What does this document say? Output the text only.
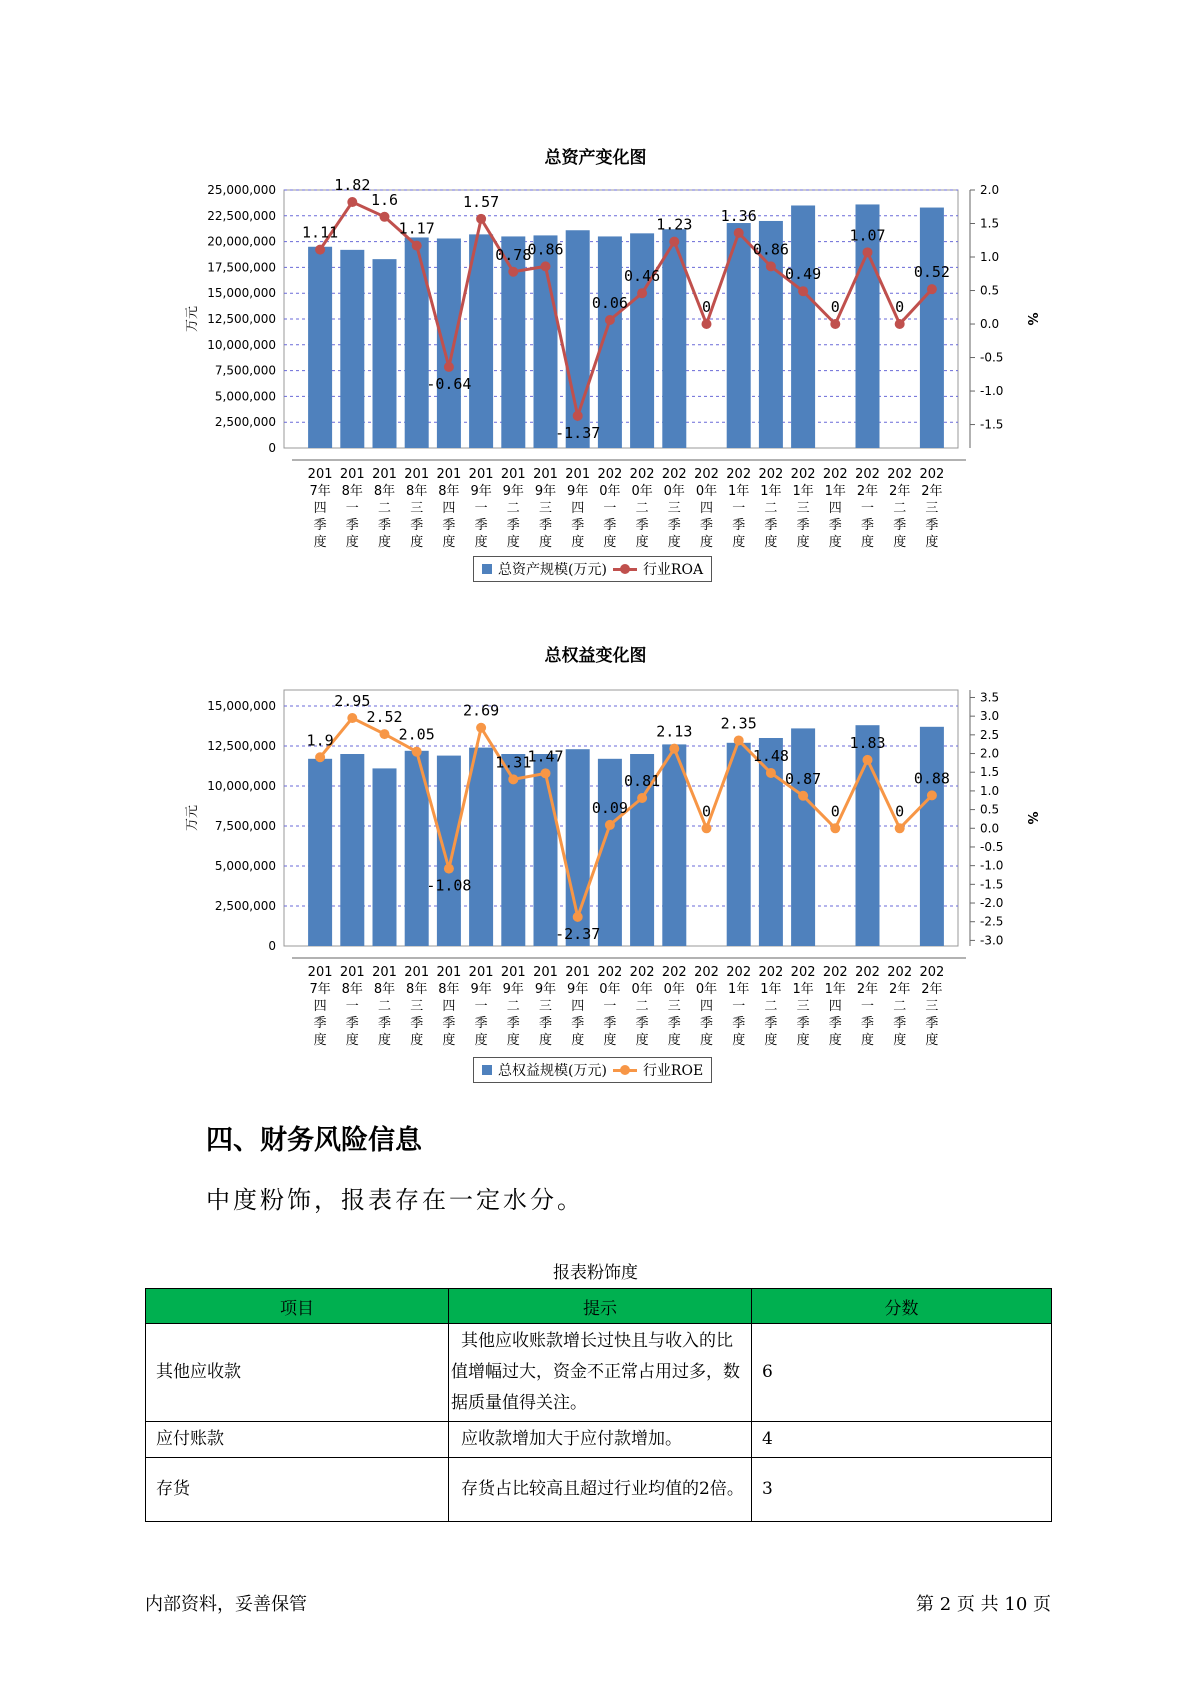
总资产变化图
0
2,500,000
5,000,000
7,500,000
10,000,000
12,500,000
15,000,000
17,500,000
20,000,000
22,500,000
25,000,000
万元
-1.5
-1.0
-0.5
0.0
0.5
1.0
1.5
2.0
%
201 7年四季度
201 8年一季度
201 8年二季度
201 8年三季度
201 8年四季度
201 9年一季度
201 9年二季度
201 9年三季度
201 9年四季度
202 0年一季度
202 0年二季度
202 0年三季度
202 0年四季度
202 1年一季度
202 1年二季度
202 1年三季度
202 1年四季度
202 2年一季度
202 2年二季度
202 2年三季度
1.11
1.82
1.6
1.17
-0.64
1.57
0.78
0.86
-1.37
0.06
0.46
1.23
0
1.36
0.86
0.49
0
1.07
0
0.52
总资产规模(万元)	行业ROA
总权益变化图
0
2,500,000
5,000,000
7,500,000
10,000,000
12,500,000
15,000,000
万元
-3.0
-2.5
-2.0
-1.5
-1.0
-0.5
0.0
0.5
1.0
1.5
2.0
2.5
3.0
3.5
%
201 7年四季度
201 8年一季度
201 8年二季度
201 8年三季度
201 8年四季度
201 9年一季度
201 9年二季度
201 9年三季度
201 9年四季度
202 0年一季度
202 0年二季度
202 0年三季度
202 0年四季度
202 1年一季度
202 1年二季度
202 1年三季度
202 1年四季度
202 2年一季度
202 2年二季度
202 2年三季度
1.9
2.95
2.52
2.05
-1.08
2.69
1.31
1.47
-2.37
0.09
0.81
2.13
0
2.35
1.48
0.87
0
1.83
0
0.88
总权益规模(万元)	行业ROE
四、财务风险信息
中度粉饰，报表存在一定水分。
报表粉饰度
项目	提示	分数
其他应收款	其他应收账款增长过快且与收入的比值增幅过大，资金不正常占用过多，数据质量值得关注。	6
应付账款	应收款增加大于应付款增加。	4
存货	存货占比较高且超过行业均值的2倍。	3
内部资料，妥善保管	第 2 页 共 10 页
